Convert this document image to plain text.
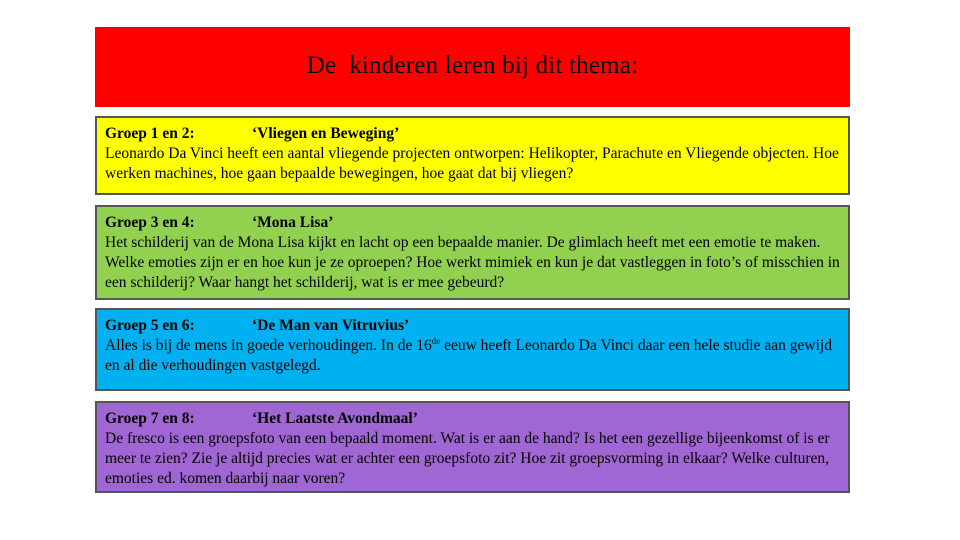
De  kinderen leren bij dit thema:
Groep 1 en 2:	‘Vliegen en Beweging’
Leonardo Da Vinci heeft een aantal vliegende projecten ontworpen: Helikopter, Parachute en Vliegende objecten. Hoe werken machines, hoe gaan bepaalde bewegingen, hoe gaat dat bij vliegen?
Groep 3 en 4:	‘Mona Lisa’
Het schilderij van de Mona Lisa kijkt en lacht op een bepaalde manier. De glimlach heeft met een emotie te maken. Welke emoties zijn er en hoe kun je ze oproepen? Hoe werkt mimiek en kun je dat vastleggen in foto’s of misschien in een schilderij? Waar hangt het schilderij, wat is er mee gebeurd?
Groep 5 en 6:	‘De Man van Vitruvius’
Alles is bij de mens in goede verhoudingen. In de 16de eeuw heeft Leonardo Da Vinci daar een hele studie aan gewijd en al die verhoudingen vastgelegd.
Groep 7 en 8:	‘Het Laatste Avondmaal’
De fresco is een groepsfoto van een bepaald moment. Wat is er aan de hand? Is het een gezellige bijeenkomst of is er meer te zien? Zie je altijd precies wat er achter een groepsfoto zit? Hoe zit groepsvorming in elkaar? Welke culturen, emoties ed. komen daarbij naar voren?
